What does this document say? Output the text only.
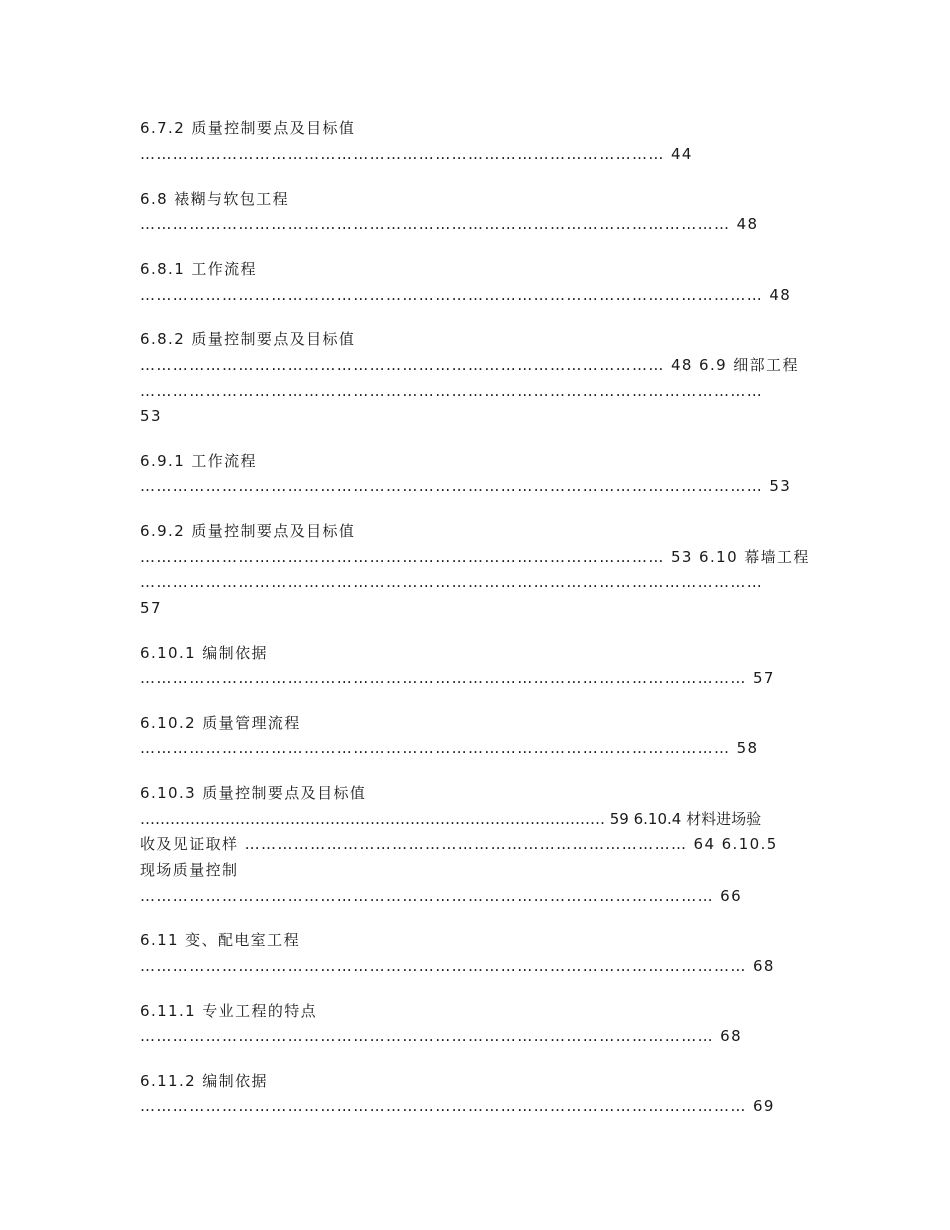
6.7.2 质量控制要点及目标值
…………………………………………………………………………………… 44
6.8 裱糊与软包工程
……………………………………………………………………………………………… 48
6.8.1 工作流程
…………………………………………………………………………………………………… 48
6.8.2 质量控制要点及目标值
…………………………………………………………………………………… 48 6.9 细部工程
……………………………………………………………………………………………………
53
6.9.1 工作流程
…………………………………………………………………………………………………… 53
6.9.2 质量控制要点及目标值
…………………………………………………………………………………… 53 6.10 幕墙工程
……………………………………………………………………………………………………
57
6.10.1 编制依据
………………………………………………………………………………………………… 57
6.10.2 质量管理流程
……………………………………………………………………………………………… 58
6.10.3 质量控制要点及目标值
………………………………………………………………………………… 59 6.10.4 材料进场验
收及见证取样 ……………………………………………………………………… 64 6.10.5
现场质量控制
…………………………………………………………………………………………… 66
6.11 变、配电室工程
………………………………………………………………………………………………… 68
6.11.1 专业工程的特点
…………………………………………………………………………………………… 68
6.11.2 编制依据
………………………………………………………………………………………………… 69
